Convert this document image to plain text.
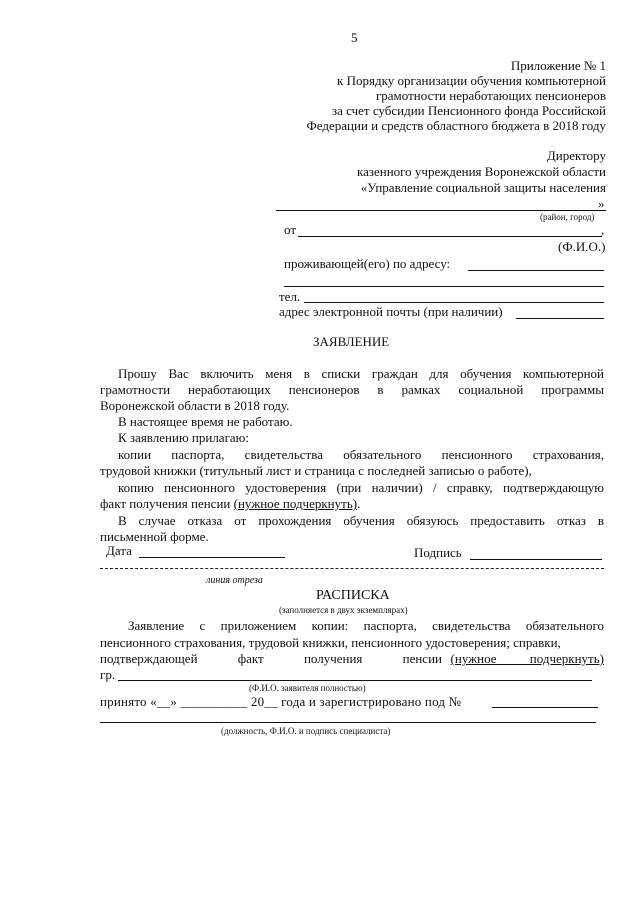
5
Приложение № 1
к Порядку организации обучения компьютерной
грамотности неработающих пенсионеров
за счет субсидии Пенсионного фонда Российской
Федерации и средств областного бюджета в 2018 году
Директору
казенного учреждения Воронежской области
«Управление социальной защиты населения
»
(район, город)
от	,
(Ф.И.О.)
проживающей(его) по адресу:
тел.
адрес электронной почты (при наличии)
ЗАЯВЛЕНИЕ
Прошу Вас включить меня в списки граждан для обучения компьютерной
грамотности неработающих пенсионеров в рамках социальной программы
Воронежской области в 2018 году.
В настоящее время не работаю.
К заявлению прилагаю:
копии паспорта, свидетельства обязательного пенсионного страхования,
трудовой книжки (титульный лист и страница с последней записью о работе),
копию пенсионного удостоверения (при наличии) / справку, подтверждающую
факт получения пенсии (нужное подчеркнуть).
В случае отказа от прохождения обучения обязуюсь предоставить отказ в
письменной форме.
Дата	Подпись
линия отреза
РАСПИСКА
(заполняется в двух экземплярах)
Заявление с приложением копии: паспорта, свидетельства обязательного
пенсионного страхования, трудовой книжки, пенсионного удостоверения; справки,
подтверждающей	факт	получения	пенсии (нужное подчеркнуть)
гр.
(Ф.И.О. заявителя полностью)
принято «__» __________ 20__ года и зарегистрировано под №
(должность, Ф.И.О. и подпись специалиста)
